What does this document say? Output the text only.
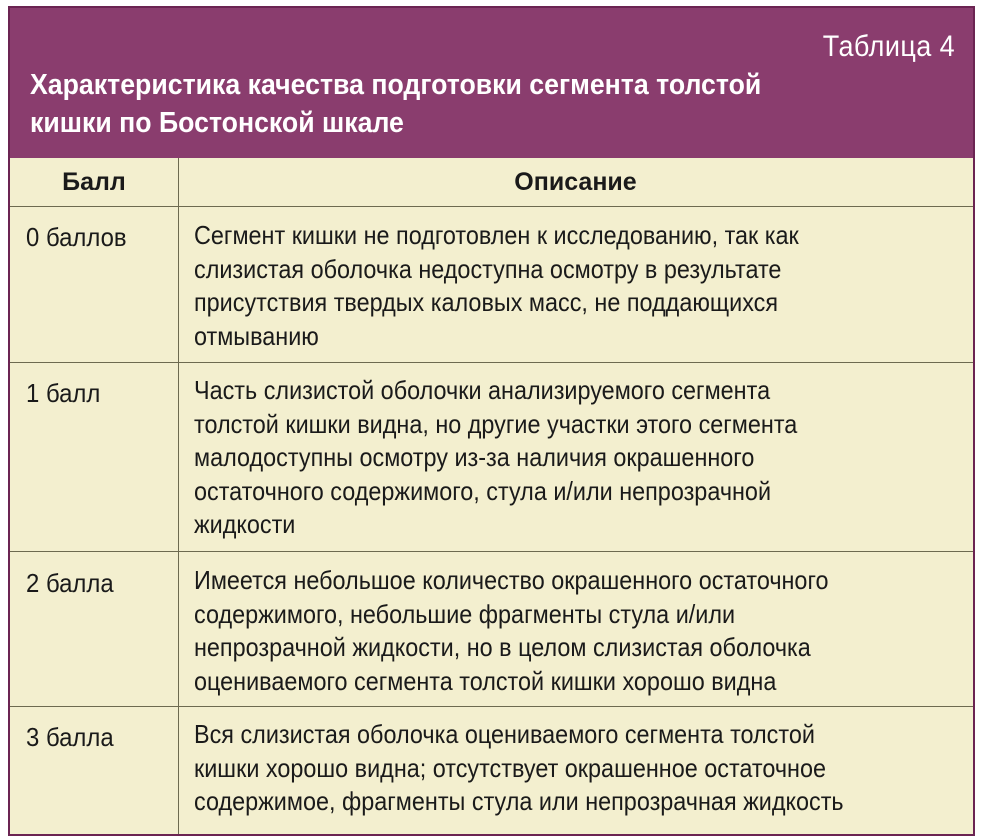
Таблица 4
Характеристика качества подготовки сегмента толстой
кишки по Бостонской шкале
Балл	Описание
0 баллов	Сегмент кишки не подготовлен к исследованию, так как
слизистая оболочка недоступна осмотру в результате
присутствия твердых каловых масс, не поддающихся
отмыванию
1 балл	Часть слизистой оболочки анализируемого сегмента
толстой кишки видна, но другие участки этого сегмента
малодоступны осмотру из-за наличия окрашенного
остаточного содержимого, стула и/или непрозрачной
жидкости
2 балла	Имеется небольшое количество окрашенного остаточного
содержимого, небольшие фрагменты стула и/или
непрозрачной жидкости, но в целом слизистая оболочка
оцениваемого сегмента толстой кишки хорошо видна
3 балла	Вся слизистая оболочка оцениваемого сегмента толстой
кишки хорошо видна; отсутствует окрашенное остаточное
содержимое, фрагменты стула или непрозрачная жидкость
